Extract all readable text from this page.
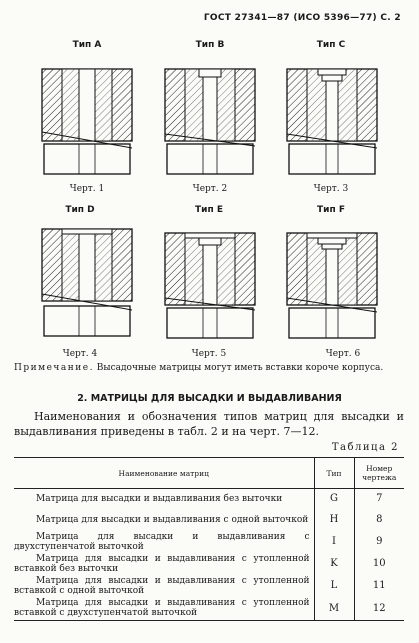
ГОСТ 27341—87 (ИСО 5396—77) С. 2
Тип A	Тип B	Тип C
Черт. 1	Черт. 2	Черт. 3
Тип D	Тип E	Тип F
Черт. 4	Черт. 5	Черт. 6
Примечание. Высадочные матрицы могут иметь вставки короче корпуса.
2. МАТРИЦЫ ДЛЯ ВЫСАДКИ И ВЫДАВЛИВАНИЯ
Наименования и обозначения типов матриц для высадки и выдавливания приведены в табл. 2 и на черт. 7—12.
Таблица 2
Наименование матриц	Тип	Номер чертежа
Матрица для высадки и выдавливания без выточки	G	7
Матрица для высадки и выдавливания с одной выточкой	H	8
Матрица для высадки и выдавливания с двухступенчатой выточкой	I	9
Матрица для высадки и выдавливания с утопленной вставкой без выточки	K	10
Матрица для высадки и выдавливания с утопленной вставкой с одной выточкой	L	11
Матрица для высадки и выдавливания с утопленной вставкой с двухступенчатой выточкой	M	12
